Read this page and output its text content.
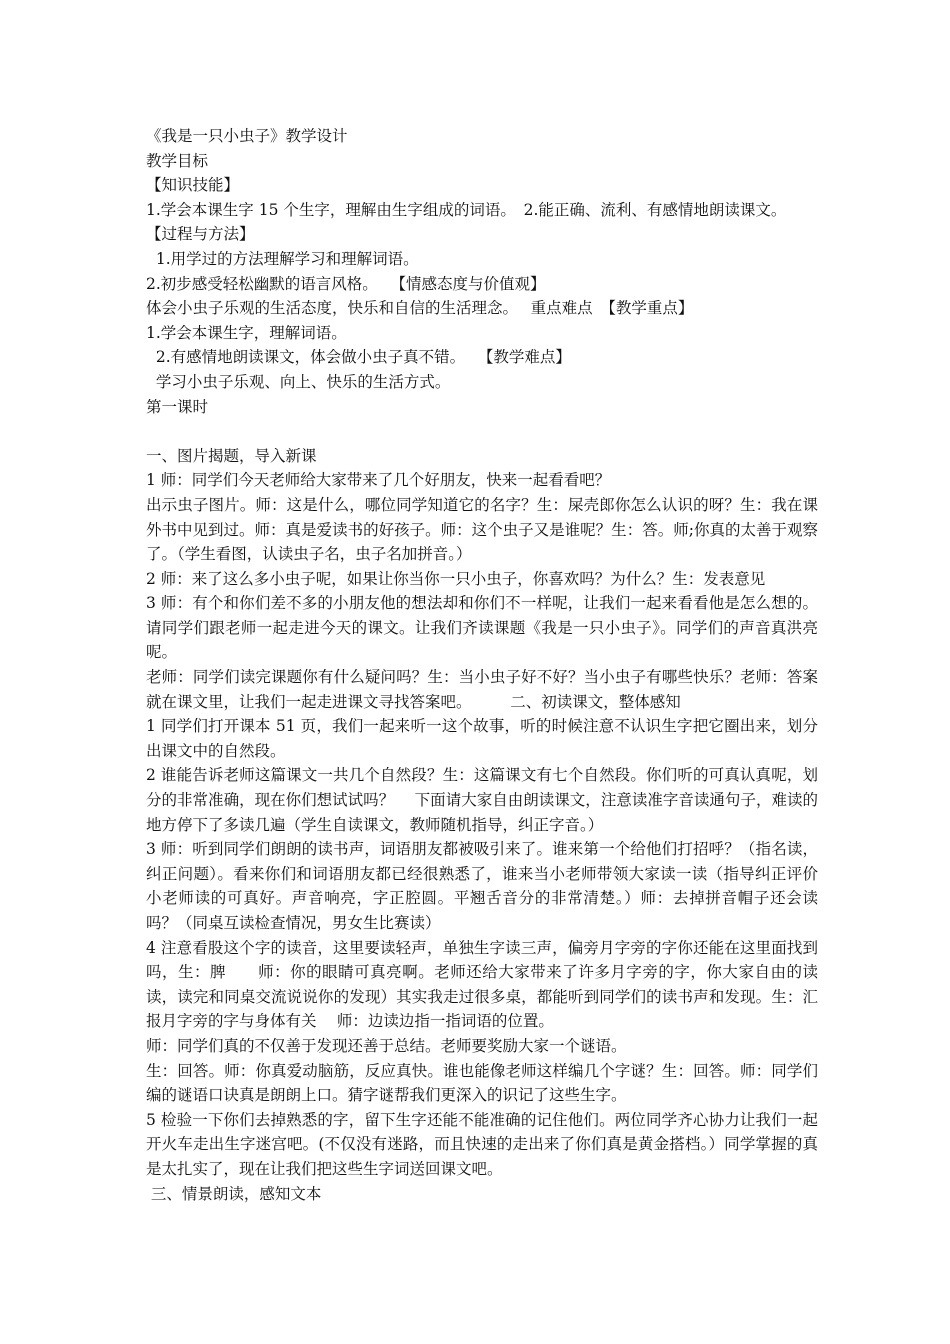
《我是一只小虫子》教学设计

教学目标

【知识技能】

1.学会本课生字 15 个生字，理解由生字组成的词语。　2.能正确、流利、有感情地朗读课文。

【过程与方法】

1.用学过的方法理解学习和理解词语。

2.初步感受轻松幽默的语言风格。　 【情感态度与价值观】

体会小虫子乐观的生活态度，快乐和自信的生活理念。　 重点难点　【教学重点】

1.学会本课生字，理解词语。

2.有感情地朗读课文，体会做小虫子真不错。　 【教学难点】

学习小虫子乐观、向上、快乐的生活方式。

第一课时

一、图片揭题，导入新课

1 师：同学们今天老师给大家带来了几个好朋友，快来一起看看吧？

出示虫子图片。师：这是什么，哪位同学知道它的名字？生：屎壳郎你怎么认识的呀？生：我在课外书中见到过。师：真是爱读书的好孩子。师：这个虫子又是谁呢？生：答。师;你真的太善于观察了。（学生看图，认读虫子名，虫子名加拼音。）

2 师：来了这么多小虫子呢，如果让你当你一只小虫子，你喜欢吗？为什么？生：发表意见

3 师：有个和你们差不多的小朋友他的想法却和你们不一样呢，让我们一起来看看他是怎么想的。请同学们跟老师一起走进今天的课文。让我们齐读课题《我是一只小虫子》。同学们的声音真洪亮呢。

老师：同学们读完课题你有什么疑问吗？生：当小虫子好不好？当小虫子有哪些快乐？老师：答案就在课文里，让我们一起走进课文寻找答案吧。　　　二、初读课文，整体感知

1 同学们打开课本 51 页，我们一起来听一这个故事，听的时候注意不认识生字把它圈出来，划分出课文中的自然段。

2 谁能告诉老师这篇课文一共几个自然段？生：这篇课文有七个自然段。你们听的可真认真呢，划分的非常准确，现在你们想试试吗？　 下面请大家自由朗读课文，注意读准字音读通句子，难读的地方停下了多读几遍（学生自读课文，教师随机指导，纠正字音。）

3 师：听到同学们朗朗的读书声，词语朋友都被吸引来了。谁来第一个给他们打招呼？（指名读，纠正问题）。看来你们和词语朋友都已经很熟悉了，谁来当小老师带领大家读一读（指导纠正评价小老师读的可真好。声音响亮，字正腔圆。平翘舌音分的非常清楚。）师：去掉拼音帽子还会读吗？（同桌互读检查情况，男女生比赛读）

4 注意看股这个字的读音，这里要读轻声，单独生字读三声，偏旁月字旁的字你还能在这里面找到吗，生：脾　　师：你的眼睛可真亮啊。老师还给大家带来了许多月字旁的字，你大家自由的读读，读完和同桌交流说说你的发现）其实我走过很多桌，都能听到同学们的读书声和发现。生：汇报月字旁的字与身体有关　 师：边读边指一指词语的位置。

师：同学们真的不仅善于发现还善于总结。老师要奖励大家一个谜语。

生：回答。师：你真爱动脑筋，反应真快。谁也能像老师这样编几个字谜？生：回答。师：同学们编的谜语口诀真是朗朗上口。猜字谜帮我们更深入的识记了这些生字。

5 检验一下你们去掉熟悉的字，留下生字还能不能准确的记住他们。两位同学齐心协力让我们一起开火车走出生字迷宫吧。(不仅没有迷路，而且快速的走出来了你们真是黄金搭档。）同学掌握的真是太扎实了，现在让我们把这些生字词送回课文吧。

三、情景朗读，感知文本
